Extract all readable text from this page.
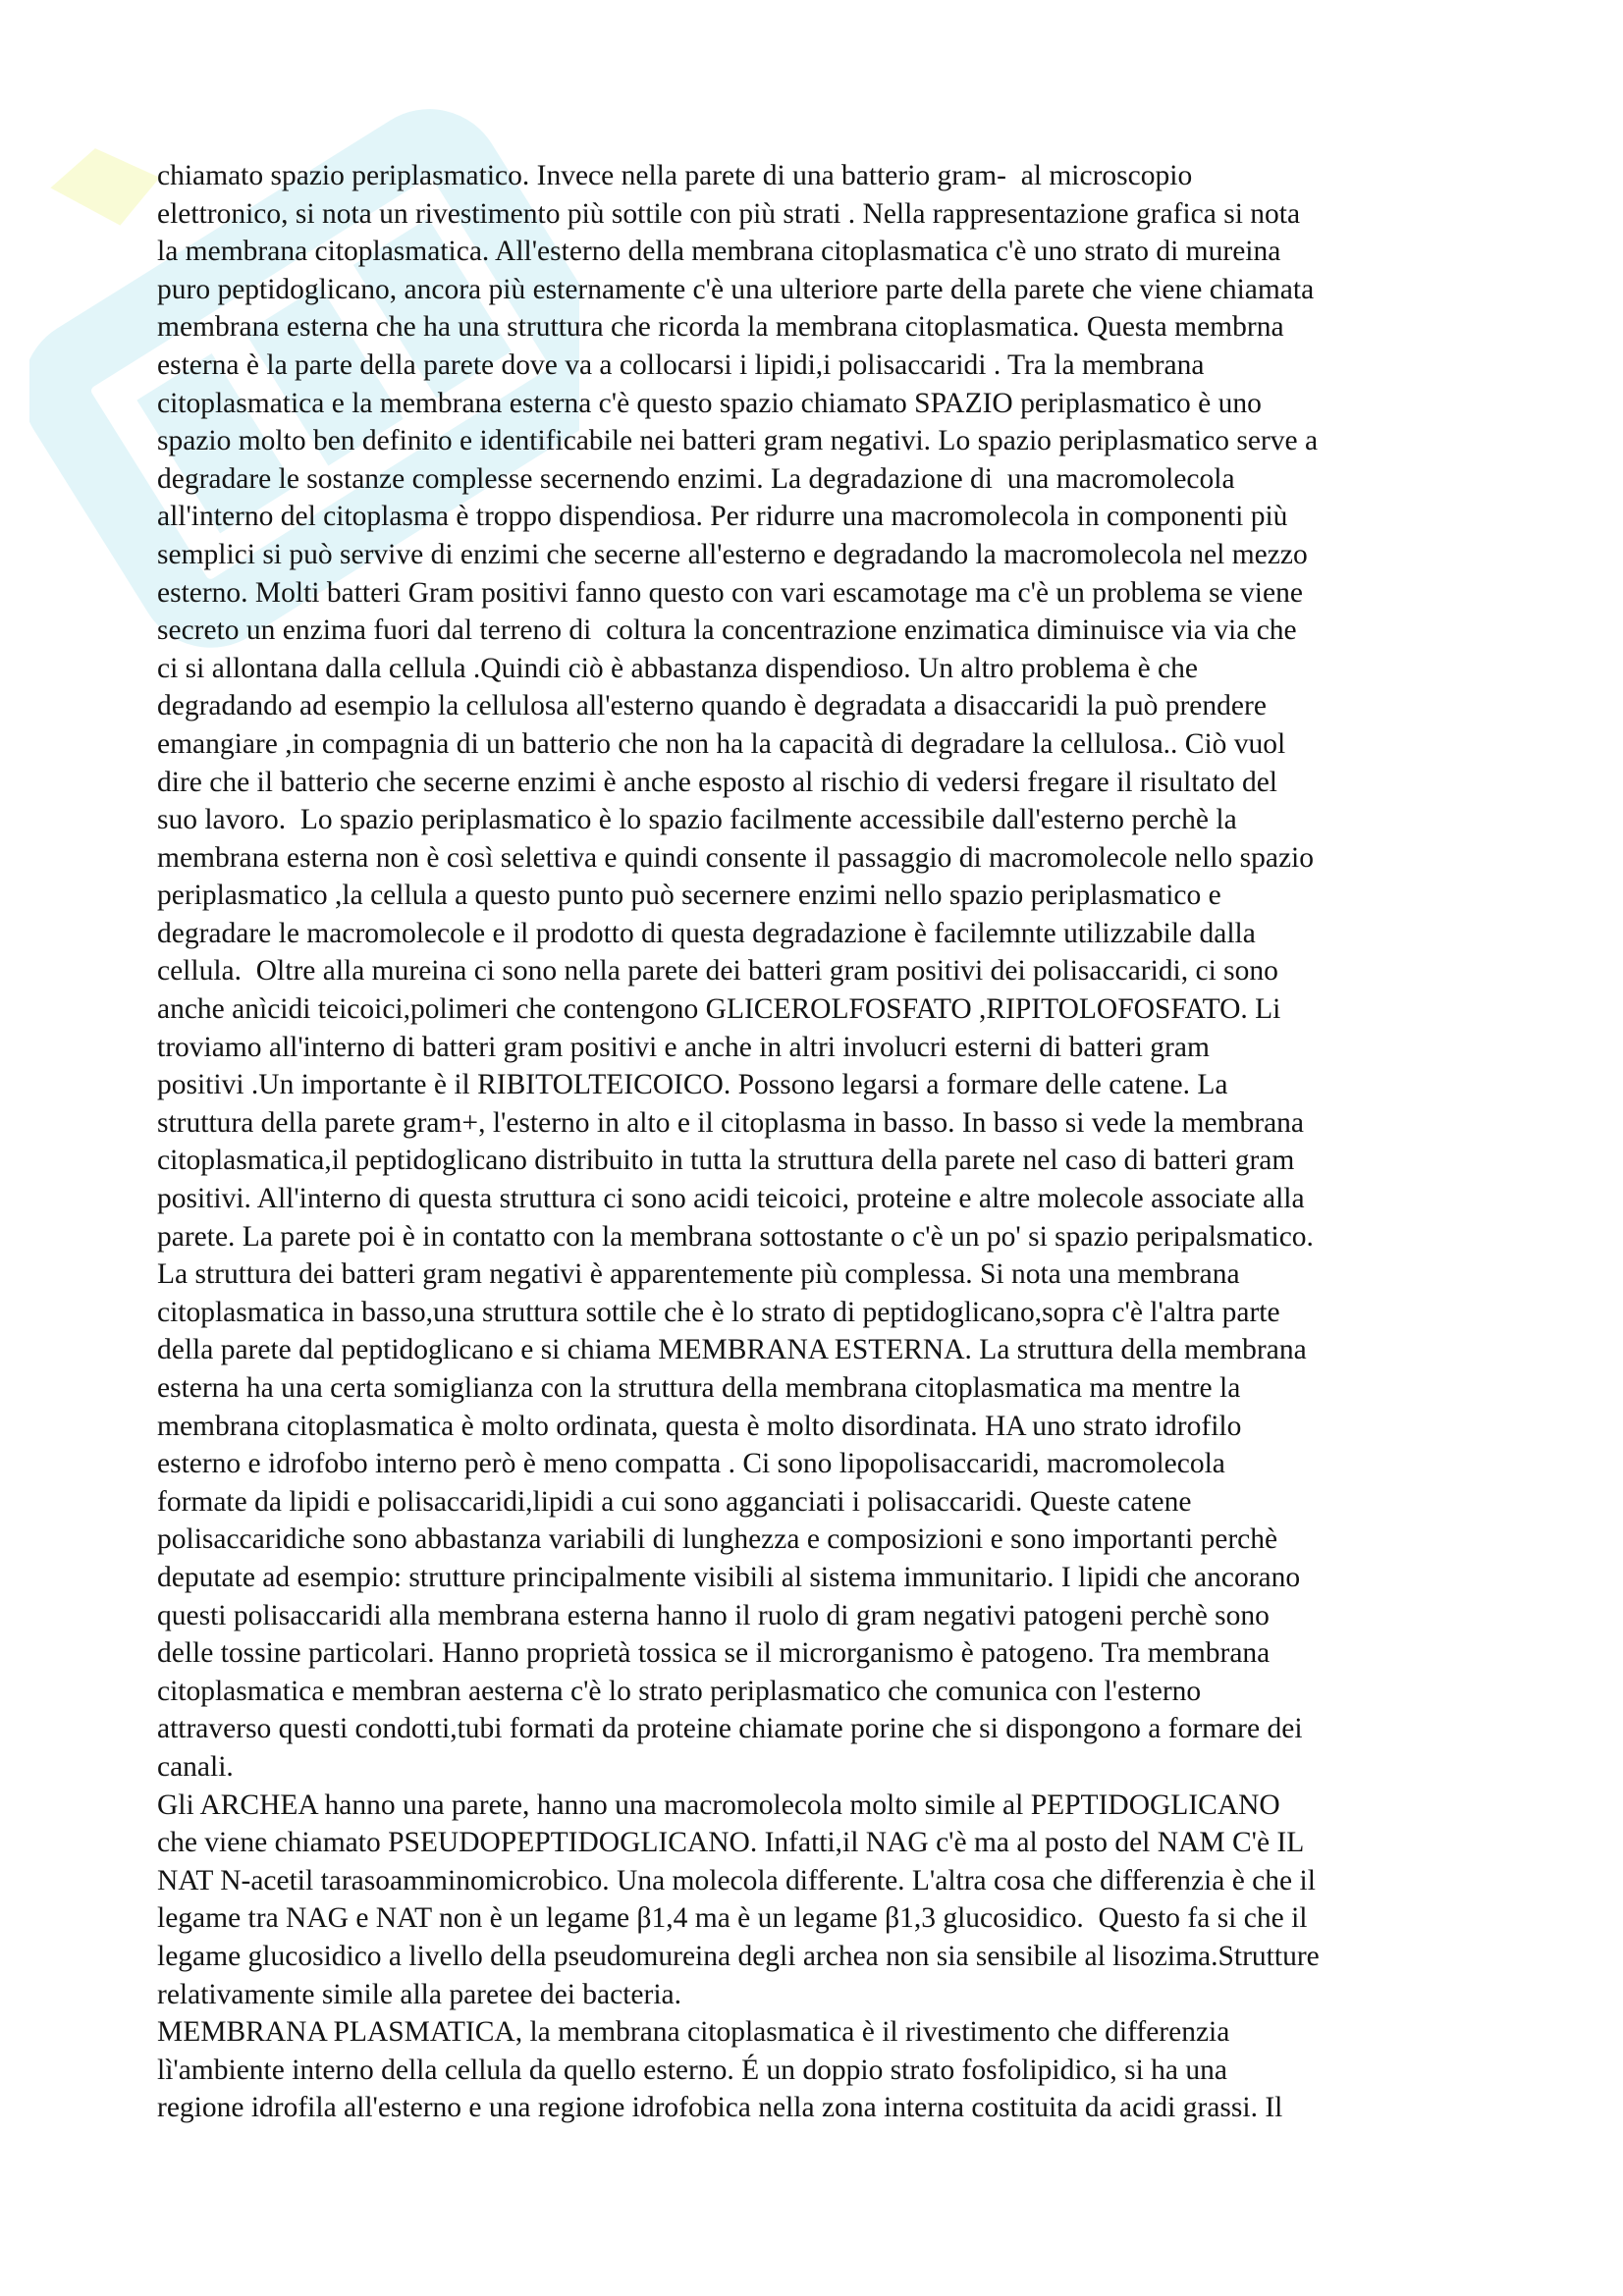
chiamato spazio periplasmatico. Invece nella parete di una batterio gram-  al microscopio
elettronico, si nota un rivestimento più sottile con più strati . Nella rappresentazione grafica si nota
la membrana citoplasmatica. All'esterno della membrana citoplasmatica c'è uno strato di mureina
puro peptidoglicano, ancora più esternamente c'è una ulteriore parte della parete che viene chiamata
membrana esterna che ha una struttura che ricorda la membrana citoplasmatica. Questa membrna
esterna è la parte della parete dove va a collocarsi i lipidi,i polisaccaridi . Tra la membrana
citoplasmatica e la membrana esterna c'è questo spazio chiamato SPAZIO periplasmatico è uno
spazio molto ben definito e identificabile nei batteri gram negativi. Lo spazio periplasmatico serve a
degradare le sostanze complesse secernendo enzimi. La degradazione di  una macromolecola
all'interno del citoplasma è troppo dispendiosa. Per ridurre una macromolecola in componenti più
semplici si può servive di enzimi che secerne all'esterno e degradando la macromolecola nel mezzo
esterno. Molti batteri Gram positivi fanno questo con vari escamotage ma c'è un problema se viene
secreto un enzima fuori dal terreno di  coltura la concentrazione enzimatica diminuisce via via che
ci si allontana dalla cellula .Quindi ciò è abbastanza dispendioso. Un altro problema è che
degradando ad esempio la cellulosa all'esterno quando è degradata a disaccaridi la può prendere
emangiare ,in compagnia di un batterio che non ha la capacità di degradare la cellulosa.. Ciò vuol
dire che il batterio che secerne enzimi è anche esposto al rischio di vedersi fregare il risultato del
suo lavoro.  Lo spazio periplasmatico è lo spazio facilmente accessibile dall'esterno perchè la
membrana esterna non è così selettiva e quindi consente il passaggio di macromolecole nello spazio
periplasmatico ,la cellula a questo punto può secernere enzimi nello spazio periplasmatico e
degradare le macromolecole e il prodotto di questa degradazione è facilemnte utilizzabile dalla
cellula.  Oltre alla mureina ci sono nella parete dei batteri gram positivi dei polisaccaridi, ci sono
anche anìcidi teicoici,polimeri che contengono GLICEROLFOSFATO ,RIPITOLOFOSFATO. Li
troviamo all'interno di batteri gram positivi e anche in altri involucri esterni di batteri gram
positivi .Un importante è il RIBITOLTEICOICO. Possono legarsi a formare delle catene. La
struttura della parete gram+, l'esterno in alto e il citoplasma in basso. In basso si vede la membrana
citoplasmatica,il peptidoglicano distribuito in tutta la struttura della parete nel caso di batteri gram
positivi. All'interno di questa struttura ci sono acidi teicoici, proteine e altre molecole associate alla
parete. La parete poi è in contatto con la membrana sottostante o c'è un po' si spazio peripalsmatico.
La struttura dei batteri gram negativi è apparentemente più complessa. Si nota una membrana
citoplasmatica in basso,una struttura sottile che è lo strato di peptidoglicano,sopra c'è l'altra parte
della parete dal peptidoglicano e si chiama MEMBRANA ESTERNA. La struttura della membrana
esterna ha una certa somiglianza con la struttura della membrana citoplasmatica ma mentre la
membrana citoplasmatica è molto ordinata, questa è molto disordinata. HA uno strato idrofilo
esterno e idrofobo interno però è meno compatta . Ci sono lipopolisaccaridi, macromolecola
formate da lipidi e polisaccaridi,lipidi a cui sono agganciati i polisaccaridi. Queste catene
polisaccaridiche sono abbastanza variabili di lunghezza e composizioni e sono importanti perchè
deputate ad esempio: strutture principalmente visibili al sistema immunitario. I lipidi che ancorano
questi polisaccaridi alla membrana esterna hanno il ruolo di gram negativi patogeni perchè sono
delle tossine particolari. Hanno proprietà tossica se il microrganismo è patogeno. Tra membrana
citoplasmatica e membran aesterna c'è lo strato periplasmatico che comunica con l'esterno
attraverso questi condotti,tubi formati da proteine chiamate porine che si dispongono a formare dei
canali.

Gli ARCHEA hanno una parete, hanno una macromolecola molto simile al PEPTIDOGLICANO
che viene chiamato PSEUDOPEPTIDOGLICANO. Infatti,il NAG c'è ma al posto del NAM C'è IL
NAT N-acetil tarasoamminomicrobico. Una molecola differente. L'altra cosa che differenzia è che il
legame tra NAG e NAT non è un legame β1,4 ma è un legame β1,3 glucosidico.  Questo fa si che il
legame glucosidico a livello della pseudomureina degli archea non sia sensibile al lisozima.Strutture
relativamente simile alla paretee dei bacteria.

MEMBRANA PLASMATICA, la membrana citoplasmatica è il rivestimento che differenzia
lì'ambiente interno della cellula da quello esterno. É un doppio strato fosfolipidico, si ha una
regione idrofila all'esterno e una regione idrofobica nella zona interna costituita da acidi grassi. Il
